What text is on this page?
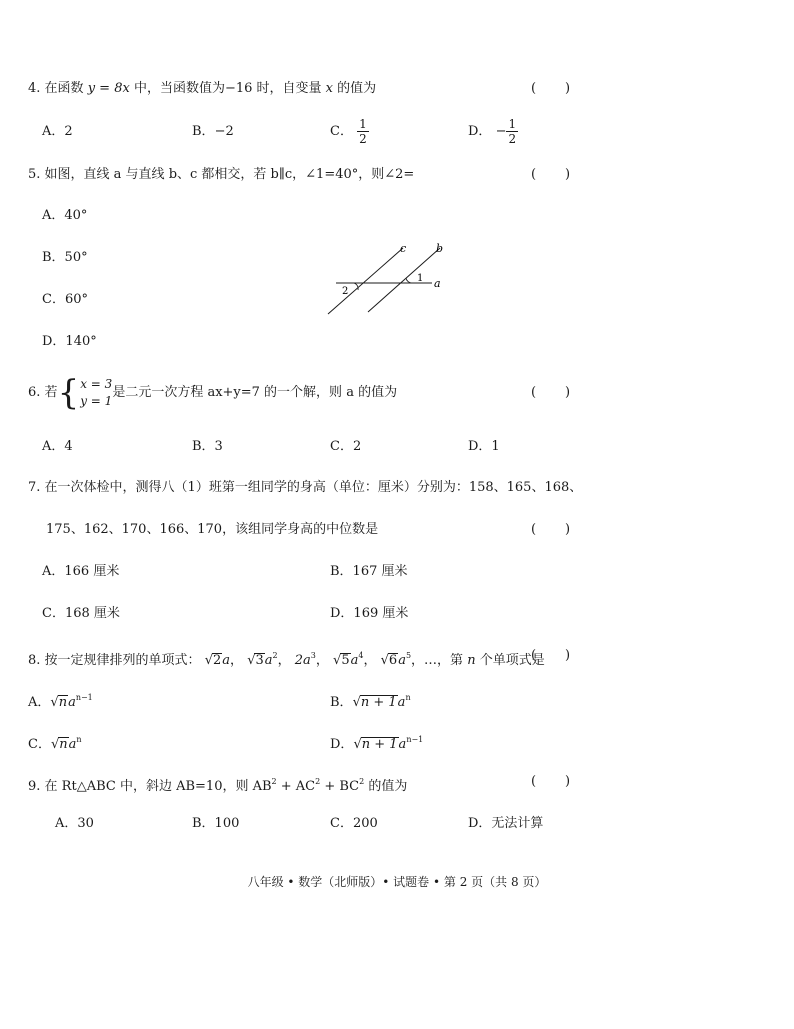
4. 在函数 y = 8x 中，当函数值为−16 时，自变量 x 的值为	(       )
A．2	B．−2	C． $\frac{1}{2}$	D． − $\frac{1}{2}$
5. 如图，直线 a 与直线 b、c 都相交，若 b∥c，∠1=40°，则∠2=	(       )
A．40°
B．50°
C．60°
D．140°
c	b
a
1
2
6. 若 { x = 3
y = 1
是二元一次方程 ax+y=7 的一个解，则 a 的值为	(       )
A．4	B．3	C．2	D．1
7. 在一次体检中，测得八（1）班第一组同学的身高（单位：厘米）分别为：158、165、168、
175、162、170、166、170，该组同学身高的中位数是	(       )
A．166 厘米	B．167 厘米
C．168 厘米	D．169 厘米
8. 按一定规律排列的单项式： √2a， $√3a^2$， $2a^3$， $√5a^4$， $√6a^5$，…，第 n 个单项式是
(       )
A．$√na^{n-1}$	B．$√n + 1a^n$
C．$√na^n$	D．$√n + 1a^{n-1}$
9. 在 Rt△ABC 中，斜边 AB=10，则 $AB^2 + AC^2 + BC^2$ 的值为	(       )
A．30	B．100	C．200	D．无法计算
八年级 • 数学（北师版）• 试题卷 • 第 2 页（共 8 页）
